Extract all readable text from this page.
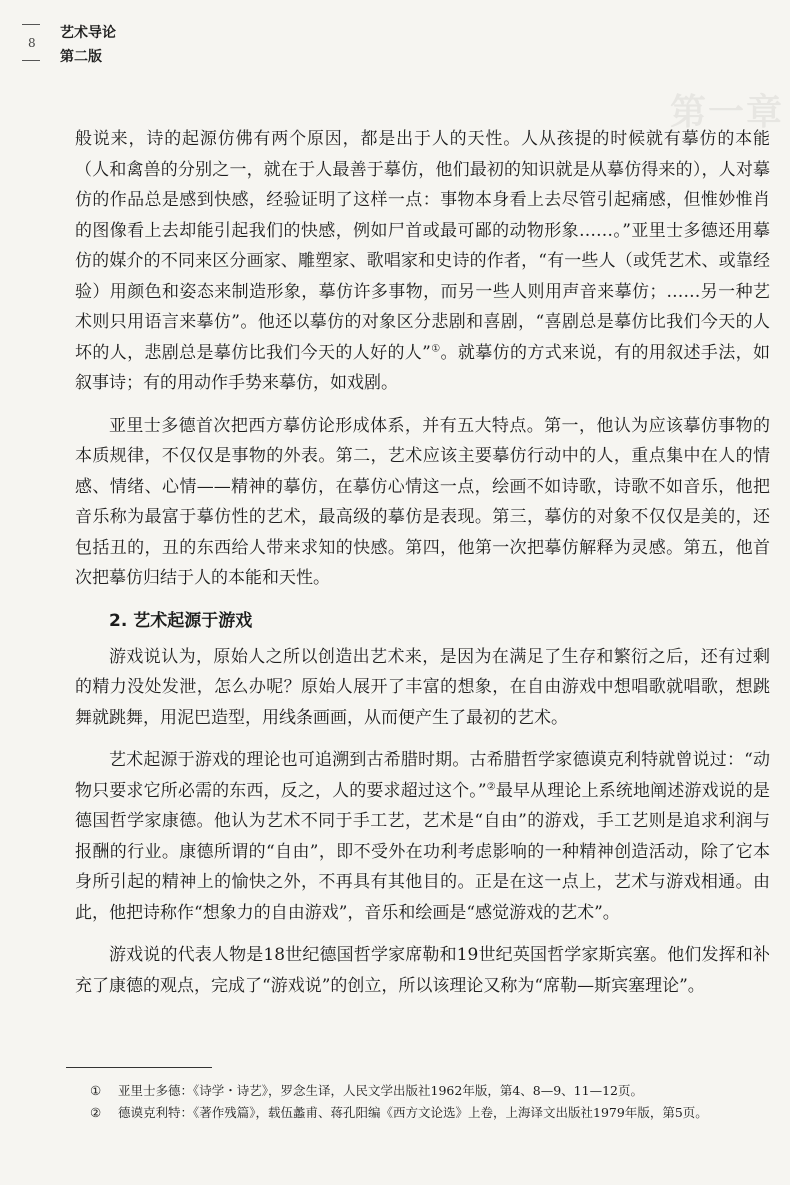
8
艺术导论
第二版
第一章

般说来，诗的起源仿佛有两个原因，都是出于人的天性。人从孩提的时候就有摹仿的本能（人和禽兽的分别之一，就在于人最善于摹仿，他们最初的知识就是从摹仿得来的），人对摹仿的作品总是感到快感，经验证明了这样一点：事物本身看上去尽管引起痛感，但惟妙惟肖的图像看上去却能引起我们的快感，例如尸首或最可鄙的动物形象……。”亚里士多德还用摹仿的媒介的不同来区分画家、雕塑家、歌唱家和史诗的作者，“有一些人（或凭艺术、或靠经验）用颜色和姿态来制造形象，摹仿许多事物，而另一些人则用声音来摹仿；……另一种艺术则只用语言来摹仿”。他还以摹仿的对象区分悲剧和喜剧，“喜剧总是摹仿比我们今天的人坏的人，悲剧总是摹仿比我们今天的人好的人”①。就摹仿的方式来说，有的用叙述手法，如叙事诗；有的用动作手势来摹仿，如戏剧。

亚里士多德首次把西方摹仿论形成体系，并有五大特点。第一，他认为应该摹仿事物的本质规律，不仅仅是事物的外表。第二，艺术应该主要摹仿行动中的人，重点集中在人的情感、情绪、心情——精神的摹仿，在摹仿心情这一点，绘画不如诗歌，诗歌不如音乐，他把音乐称为最富于摹仿性的艺术，最高级的摹仿是表现。第三，摹仿的对象不仅仅是美的，还包括丑的，丑的东西给人带来求知的快感。第四，他第一次把摹仿解释为灵感。第五，他首次把摹仿归结于人的本能和天性。

2. 艺术起源于游戏

游戏说认为，原始人之所以创造出艺术来，是因为在满足了生存和繁衍之后，还有过剩的精力没处发泄，怎么办呢？原始人展开了丰富的想象，在自由游戏中想唱歌就唱歌，想跳舞就跳舞，用泥巴造型，用线条画画，从而便产生了最初的艺术。

艺术起源于游戏的理论也可追溯到古希腊时期。古希腊哲学家德谟克利特就曾说过：“动物只要求它所必需的东西，反之，人的要求超过这个。”②最早从理论上系统地阐述游戏说的是德国哲学家康德。他认为艺术不同于手工艺，艺术是“自由”的游戏，手工艺则是追求利润与报酬的行业。康德所谓的“自由”，即不受外在功利考虑影响的一种精神创造活动，除了它本身所引起的精神上的愉快之外，不再具有其他目的。正是在这一点上，艺术与游戏相通。由此，他把诗称作“想象力的自由游戏”，音乐和绘画是“感觉游戏的艺术”。

游戏说的代表人物是18世纪德国哲学家席勒和19世纪英国哲学家斯宾塞。他们发挥和补充了康德的观点，完成了“游戏说”的创立，所以该理论又称为“席勒—斯宾塞理论”。

① 亚里士多德：《诗学・诗艺》，罗念生译，人民文学出版社1962年版，第4、8—9、11—12页。
② 德谟克利特：《著作残篇》，载伍蠡甫、蒋孔阳编《西方文论选》上卷，上海译文出版社1979年版，第5页。
